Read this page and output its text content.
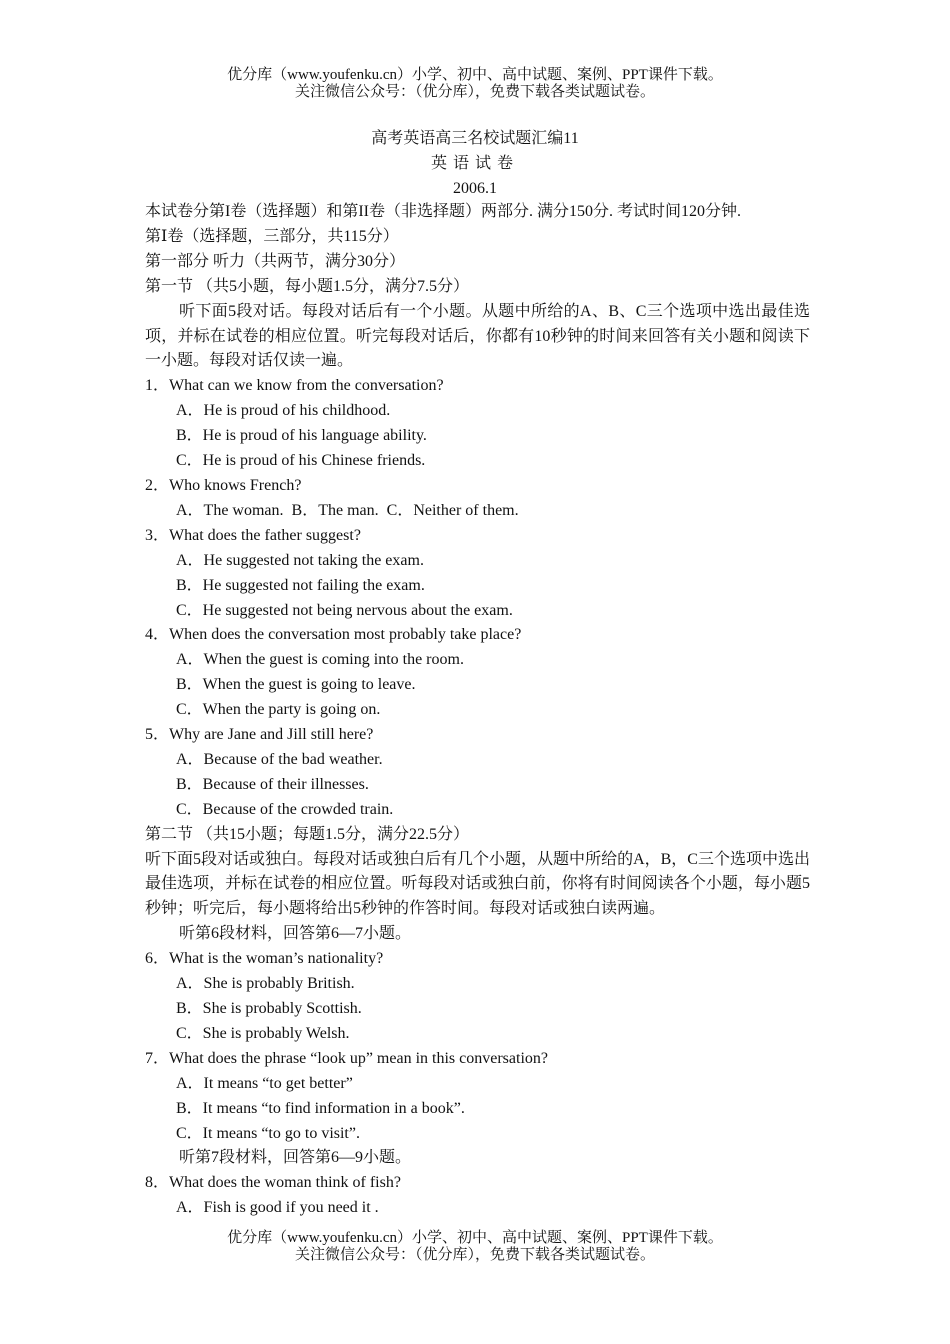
优分库（www.youfenku.cn）小学、初中、高中试题、案例、PPT课件下载。
关注微信公众号：（优分库），免费下载各类试题试卷。
高考英语高三名校试题汇编11
英语试卷
2006.1
本试卷分第I卷（选择题）和第II卷（非选择题）两部分. 满分150分. 考试时间120分钟.
第Ⅰ卷（选择题，三部分，共115分）
第一部分 听力（共两节，满分30分）
第一节 （共5小题，每小题1.5分，满分7.5分）
听下面5段对话。每段对话后有一个小题。从题中所给的A、B、C三个选项中选出最佳选项，并标在试卷的相应位置。听完每段对话后，你都有10秒钟的时间来回答有关小题和阅读下一小题。每段对话仅读一遍。
1．What can we know from the conversation?
A．He is proud of his childhood.
B．He is proud of his language ability.
C．He is proud of his Chinese friends.
2．Who knows French?
A．The woman. B．The man. C．Neither of them.
3．What does the father suggest?
A．He suggested not taking the exam.
B．He suggested not failing the exam.
C．He suggested not being nervous about the exam.
4．When does the conversation most probably take place?
A．When the guest is coming into the room.
B．When the guest is going to leave.
C．When the party is going on.
5．Why are Jane and Jill still here?
A．Because of the bad weather.
B．Because of their illnesses.
C．Because of the crowded train.
第二节 （共15小题；每题1.5分，满分22.5分）
听下面5段对话或独白。每段对话或独白后有几个小题，从题中所给的A，B，C三个选项中选出最佳选项，并标在试卷的相应位置。听每段对话或独白前，你将有时间阅读各个小题，每小题5秒钟；听完后，每小题将给出5秒钟的作答时间。每段对话或独白读两遍。
听第6段材料，回答第6—7小题。
6．What is the woman’s nationality?
A．She is probably British.
B．She is probably Scottish.
C．She is probably Welsh.
7．What does the phrase “look up” mean in this conversation?
A．It means “to get better”
B．It means “to find information in a book”.
C．It means “to go to visit”.
听第7段材料，回答第6—9小题。
8．What does the woman think of fish?
A．Fish is good if you need it .
优分库（www.youfenku.cn）小学、初中、高中试题、案例、PPT课件下载。
关注微信公众号：（优分库），免费下载各类试题试卷。
